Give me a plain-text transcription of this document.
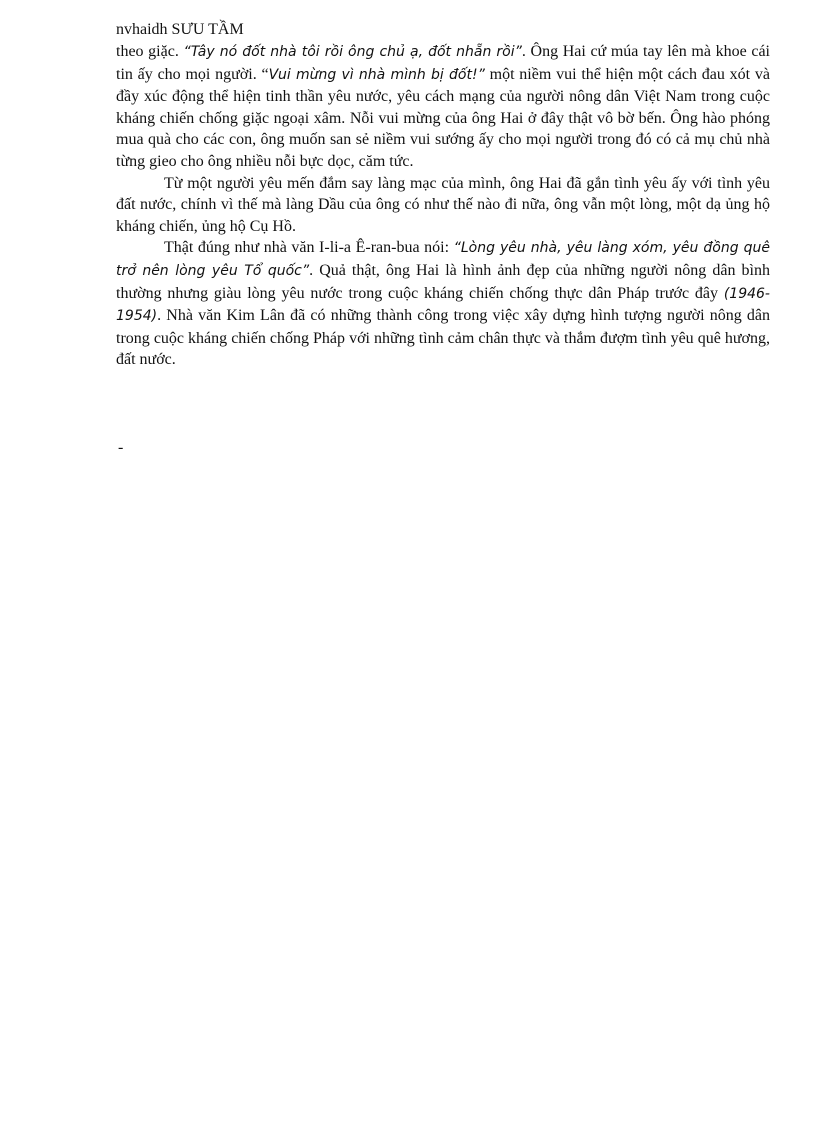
nvhaidh SƯU TẦM

theo giặc. “Tây nó đốt nhà tôi rồi ông chủ ạ, đốt nhẵn rồi”. Ông Hai cứ múa tay lên mà khoe cái tin ấy cho mọi người. “Vui mừng vì nhà mình bị đốt!” một niềm vui thể hiện một cách đau xót và đầy xúc động thể hiện tinh thần yêu nước, yêu cách mạng của người nông dân Việt Nam trong cuộc kháng chiến chống giặc ngoại xâm. Nỗi vui mừng của ông Hai ở đây thật vô bờ bến. Ông hào phóng mua quà cho các con, ông muốn san sẻ niềm vui sướng ấy cho mọi người trong đó có cả mụ chủ nhà từng gieo cho ông nhiều nỗi bực dọc, căm tức.

Từ một người yêu mến đắm say làng mạc của mình, ông Hai đã gắn tình yêu ấy với tình yêu đất nước, chính vì thế mà làng Dầu của ông có như thế nào đi nữa, ông vẫn một lòng, một dạ ủng hộ kháng chiến, ủng hộ Cụ Hồ.

Thật đúng như nhà văn I-li-a Ê-ran-bua nói: “Lòng yêu nhà, yêu làng xóm, yêu đồng quê trở nên lòng yêu Tổ quốc”. Quả thật, ông Hai là hình ảnh đẹp của những người nông dân bình thường nhưng giàu lòng yêu nước trong cuộc kháng chiến chống thực dân Pháp trước đây (1946-1954). Nhà văn Kim Lân đã có những thành công trong việc xây dựng hình tượng người nông dân trong cuộc kháng chiến chống Pháp với những tình cảm chân thực và thắm đượm tình yêu quê hương, đất nước.

-
